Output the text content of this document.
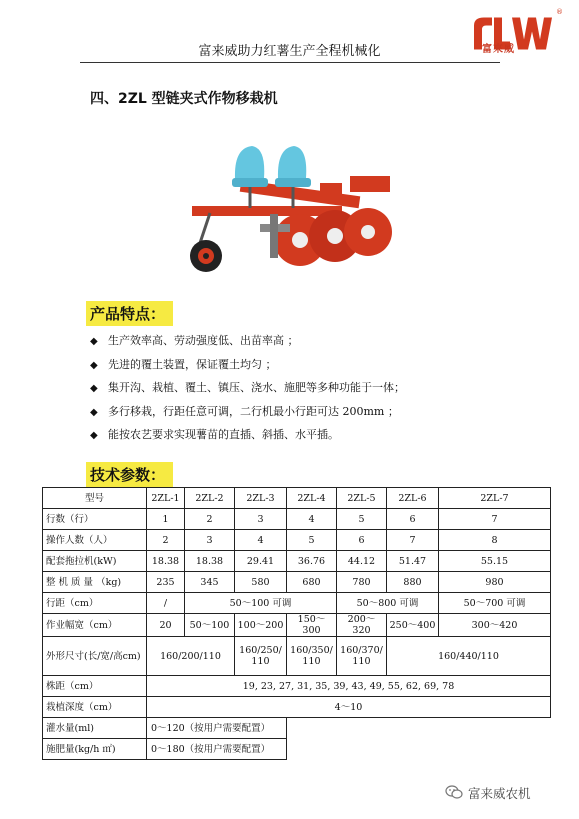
富来威助力红薯生产全程机械化	富來威
®
四、2ZL 型链夹式作物移栽机
产品特点：
◆ 生产效率高、劳动强度低、出苗率高 ；
◆ 先进的覆土装置，保证覆土均匀 ；
◆ 集开沟、栽植、覆土、镇压、浇水、施肥等多种功能于一体；
◆ 多行移栽，行距任意可调，二行机最小行距可达 200mm ；
◆ 能按农艺要求实现薯苗的直插、斜插、水平插。
技术参数：
型号	2ZL-1	2ZL-2	2ZL-3	2ZL-4	2ZL-5	2ZL-6	2ZL-7
行数（行）	1	2	3	4	5	6	7
操作人数（人）	2	3	4	5	6	7	8
配套拖拉机(kW)	18.38	18.38	29.41	36.76	44.12	51.47	55.15
整 机 质 量 （kg)	235	345	580	680	780	880	980
行距（cm）	/	50～100 可调			50～800 可调		50～700 可调
作业幅宽（cm）	20	50～100	100～200	150～300	200～320	250～400	300～420
外形尺寸(长/宽/高cm)	160/200/110		160/250/110	160/350/110	160/370/110	160/440/110	
株距（cm）	19, 23, 27, 31, 35, 39, 43, 49, 55, 62, 69, 78						
栽植深度（cm）	4～10						
灌水量(ml)	0～120（按用户需要配置）						
施肥量(kg/h ㎡)	0～180（按用户需要配置）						
富来威农机
